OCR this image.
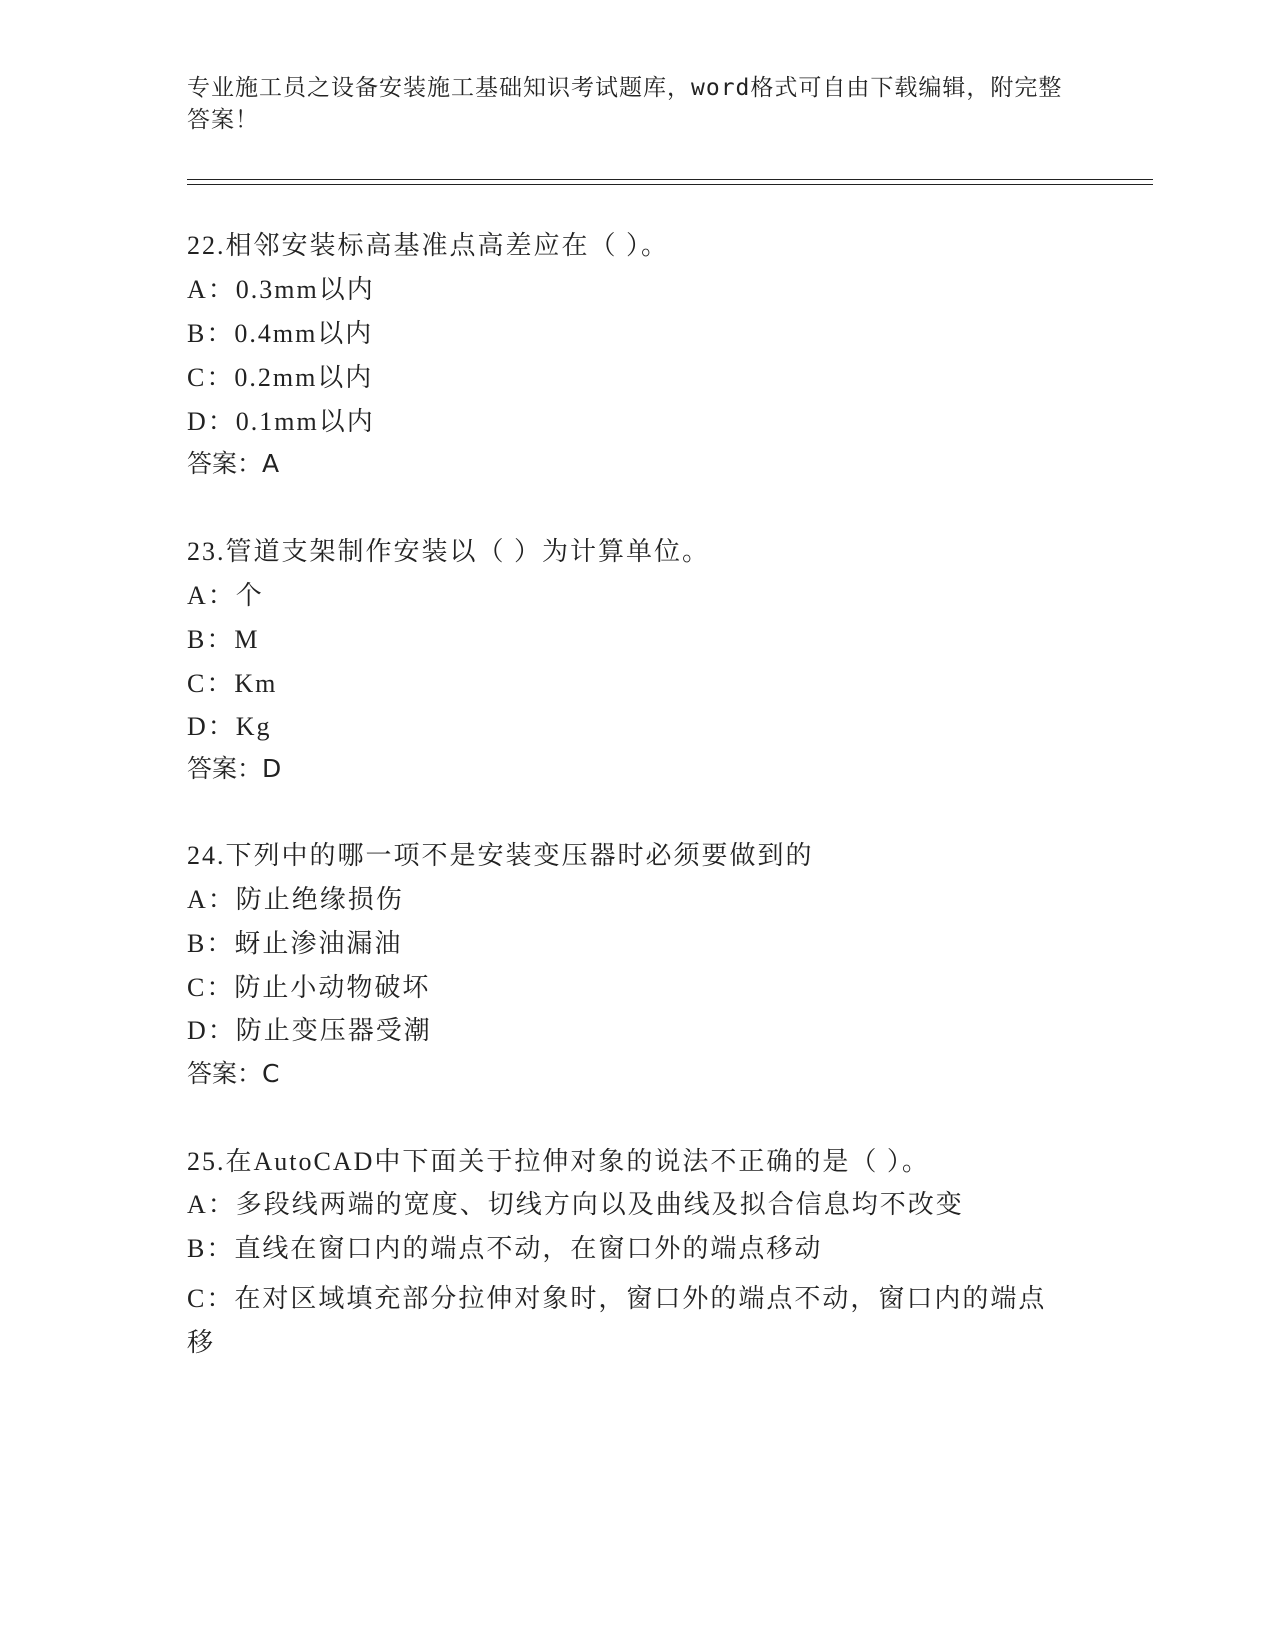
专业施工员之设备安装施工基础知识考试题库，word格式可自由下载编辑，附完整答案！
22.相邻安装标高基准点高差应在（ ）。
A：0.3mm以内
B：0.4mm以内
C：0.2mm以内
D：0.1mm以内
答案：A
23.管道支架制作安装以（ ）为计算单位。
A：个
B：M
C：Km
D：Kg
答案：D
24.下列中的哪一项不是安装变压器时必须要做到的
A：防止绝缘损伤
B：蚜止渗油漏油
C：防止小动物破坏
D：防止变压器受潮
答案：C
25.在AutoCAD中下面关于拉伸对象的说法不正确的是（ ）。
A：多段线两端的宽度、切线方向以及曲线及拟合信息均不改变
B：直线在窗口内的端点不动，在窗口外的端点移动
C：在对区域填充部分拉伸对象时，窗口外的端点不动，窗口内的端点移
